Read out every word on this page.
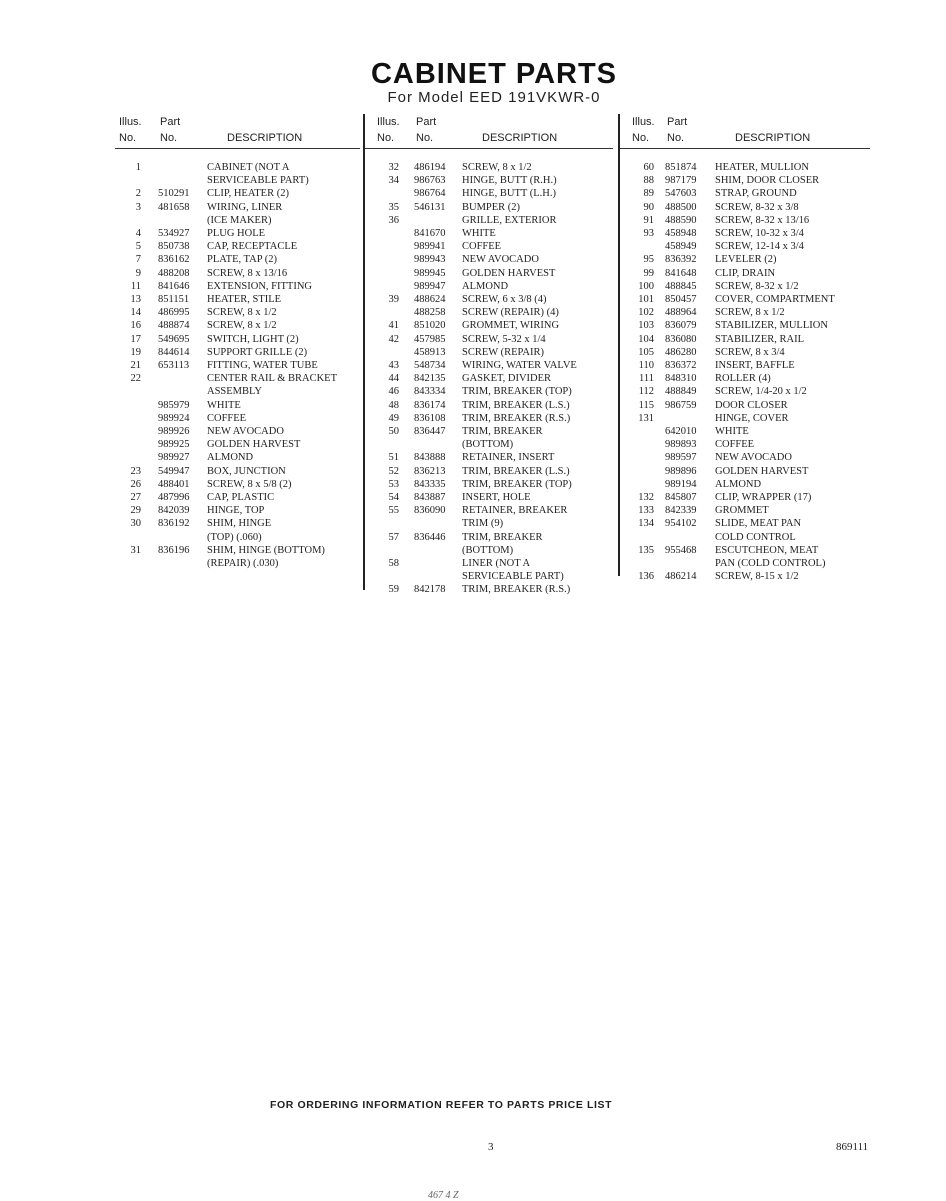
CABINET PARTS
For Model EED 191VKWR-0
Illus. Part
No. No.	DESCRIPTION
1	CABINET (NOT A
SERVICEABLE PART)
2 510291 CLIP, HEATER (2)
3 481658 WIRING, LINER
(ICE MAKER)
4 534927 PLUG HOLE
5 850738 CAP, RECEPTACLE
7 836162 PLATE, TAP (2)
9 488208 SCREW, 8 x 13/16
11 841646 EXTENSION, FITTING
13 851151 HEATER, STILE
14 486995 SCREW, 8 x 1/2
16 488874 SCREW, 8 x 1/2
17 549695 SWITCH, LIGHT (2)
19 844614 SUPPORT GRILLE (2)
21 653113 FITTING, WATER TUBE
22	CENTER RAIL & BRACKET
ASSEMBLY
985979 WHITE
989924 COFFEE
989926 NEW AVOCADO
989925 GOLDEN HARVEST
989927 ALMOND
23 549947 BOX, JUNCTION
26 488401 SCREW, 8 x 5/8 (2)
27 487996 CAP, PLASTIC
29 842039 HINGE, TOP
30 836192 SHIM, HINGE
(TOP) (.060)
31 836196 SHIM, HINGE (BOTTOM)
(REPAIR) (.030)
Illus. Part
No. No.	DESCRIPTION
32 486194 SCREW, 8 x 1/2
34 986763 HINGE, BUTT (R.H.)
986764 HINGE, BUTT (L.H.)
35 546131 BUMPER (2)
36	GRILLE, EXTERIOR
841670 WHITE
989941 COFFEE
989943 NEW AVOCADO
989945 GOLDEN HARVEST
989947 ALMOND
39 488624 SCREW, 6 x 3/8 (4)
488258 SCREW (REPAIR) (4)
41 851020 GROMMET, WIRING
42 457985 SCREW, 5-32 x 1/4
458913 SCREW (REPAIR)
43 548734 WIRING, WATER VALVE
44 842135 GASKET, DIVIDER
46 843334 TRIM, BREAKER (TOP)
48 836174 TRIM, BREAKER (L.S.)
49 836108 TRIM, BREAKER (R.S.)
50 836447 TRIM, BREAKER
(BOTTOM)
51 843888 RETAINER, INSERT
52 836213 TRIM, BREAKER (L.S.)
53 843335 TRIM, BREAKER (TOP)
54 843887 INSERT, HOLE
55 836090 RETAINER, BREAKER
TRIM (9)
57 836446 TRIM, BREAKER
(BOTTOM)
58	LINER (NOT A
SERVICEABLE PART)
59 842178 TRIM, BREAKER (R.S.)
Illus. Part
No. No.	DESCRIPTION
60 851874 HEATER, MULLION
88 987179 SHIM, DOOR CLOSER
89 547603 STRAP, GROUND
90 488500 SCREW, 8-32 x 3/8
91 488590 SCREW, 8-32 x 13/16
93 458948 SCREW, 10-32 x 3/4
458949 SCREW, 12-14 x 3/4
95 836392 LEVELER (2)
99 841648 CLIP, DRAIN
100 488845 SCREW, 8-32 x 1/2
101 850457 COVER, COMPARTMENT
102 488964 SCREW, 8 x 1/2
103 836079 STABILIZER, MULLION
104 836080 STABILIZER, RAIL
105 486280 SCREW, 8 x 3/4
110 836372 INSERT, BAFFLE
111 848310 ROLLER (4)
112 488849 SCREW, 1/4-20 x 1/2
115 986759 DOOR CLOSER
131	HINGE, COVER
642010 WHITE
989893 COFFEE
989597 NEW AVOCADO
989896 GOLDEN HARVEST
989194 ALMOND
132 845807 CLIP, WRAPPER (17)
133 842339 GROMMET
134 954102 SLIDE, MEAT PAN
COLD CONTROL
135 955468 ESCUTCHEON, MEAT
PAN (COLD CONTROL)
136 486214 SCREW, 8-15 x 1/2
FOR ORDERING INFORMATION REFER TO PARTS PRICE LIST
3	869111
467 4 Z
